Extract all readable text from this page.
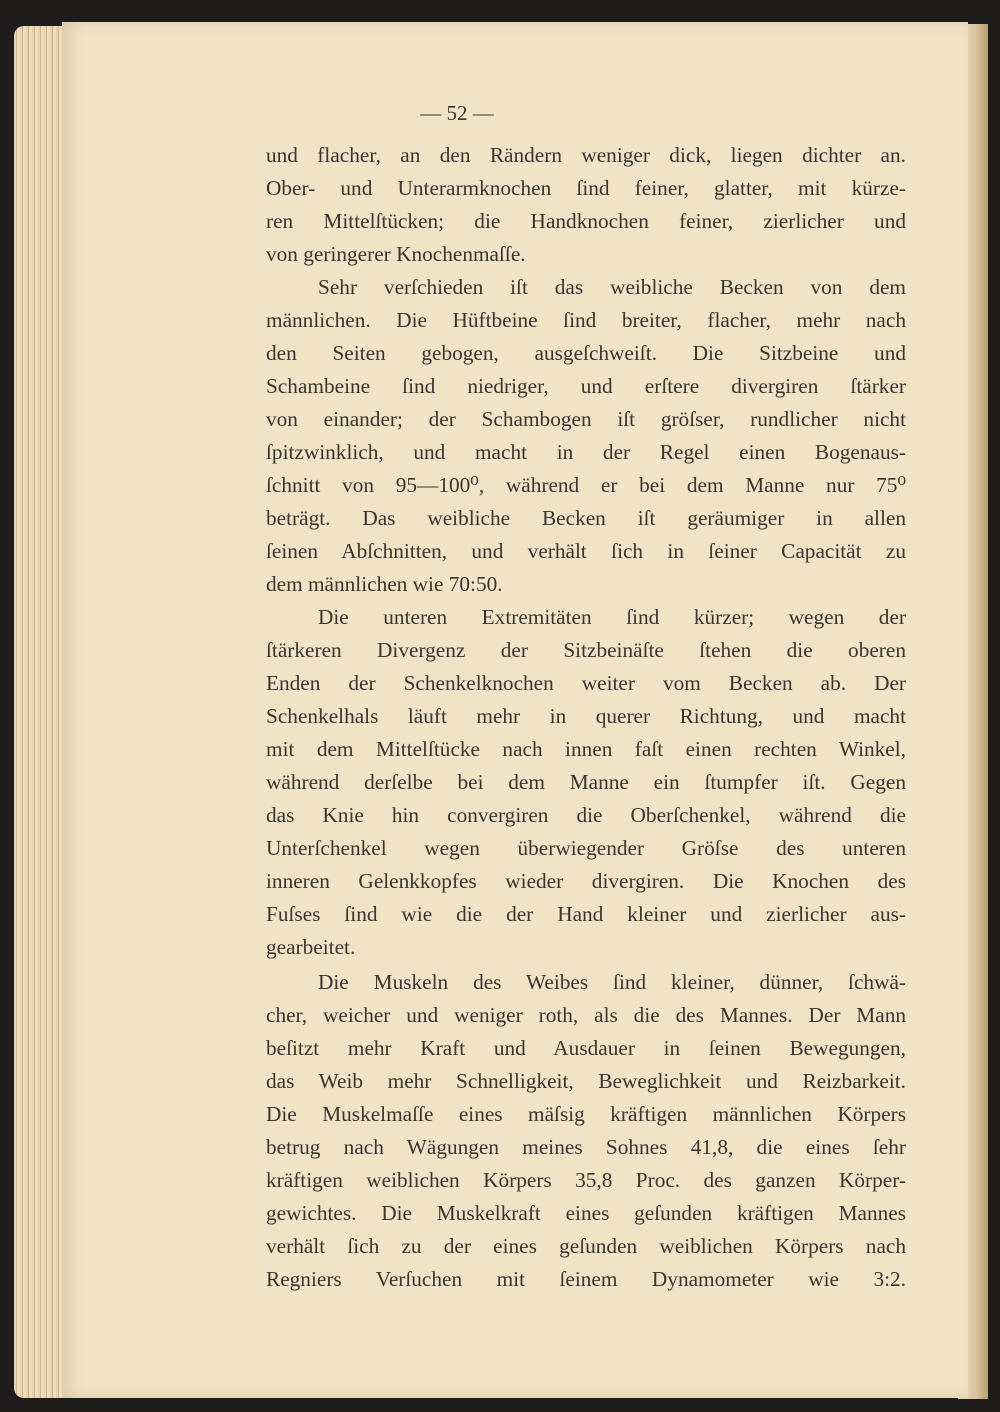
— 52 —
und flacher, an den Rändern weniger dick, liegen dichter an.
Ober- und Unterarmknochen ſind feiner, glatter, mit kürze-
ren Mittelſtücken; die Handknochen feiner, zierlicher und
von geringerer Knochenmaſſe.
Sehr verſchieden iſt das weibliche Becken von dem
männlichen. Die Hüftbeine ſind breiter, flacher, mehr nach
den Seiten gebogen, ausgeſchweiſt. Die Sitzbeine und
Schambeine ſind niedriger, und erſtere divergiren ſtärker
von einander; der Schambogen iſt gröſser, rundlicher nicht
ſpitzwinklich, und macht in der Regel einen Bogenaus-
ſchnitt von 95—100⁰, während er bei dem Manne nur 75⁰
beträgt. Das weibliche Becken iſt geräumiger in allen
ſeinen Abſchnitten, und verhält ſich in ſeiner Capacität zu
dem männlichen wie 70:50.
Die unteren Extremitäten ſind kürzer; wegen der
ſtärkeren Divergenz der Sitzbeinäſte ſtehen die oberen
Enden der Schenkelknochen weiter vom Becken ab. Der
Schenkelhals läuft mehr in querer Richtung, und macht
mit dem Mittelſtücke nach innen faſt einen rechten Winkel,
während derſelbe bei dem Manne ein ſtumpfer iſt. Gegen
das Knie hin convergiren die Oberſchenkel, während die
Unterſchenkel wegen überwiegender Gröſse des unteren
inneren Gelenkkopfes wieder divergiren. Die Knochen des
Fuſses ſind wie die der Hand kleiner und zierlicher aus-
gearbeitet.
Die Muskeln des Weibes ſind kleiner, dünner, ſchwä-
cher, weicher und weniger roth, als die des Mannes. Der Mann
beſitzt mehr Kraft und Ausdauer in ſeinen Bewegungen,
das Weib mehr Schnelligkeit, Beweglichkeit und Reizbarkeit.
Die Muskelmaſſe eines mäſsig kräftigen männlichen Körpers
betrug nach Wägungen meines Sohnes 41,8, die eines ſehr
kräftigen weiblichen Körpers 35,8 Proc. des ganzen Körper-
gewichtes. Die Muskelkraft eines geſunden kräftigen Mannes
verhält ſich zu der eines geſunden weiblichen Körpers nach
Regniers Verſuchen mit ſeinem Dynamometer wie 3:2.
